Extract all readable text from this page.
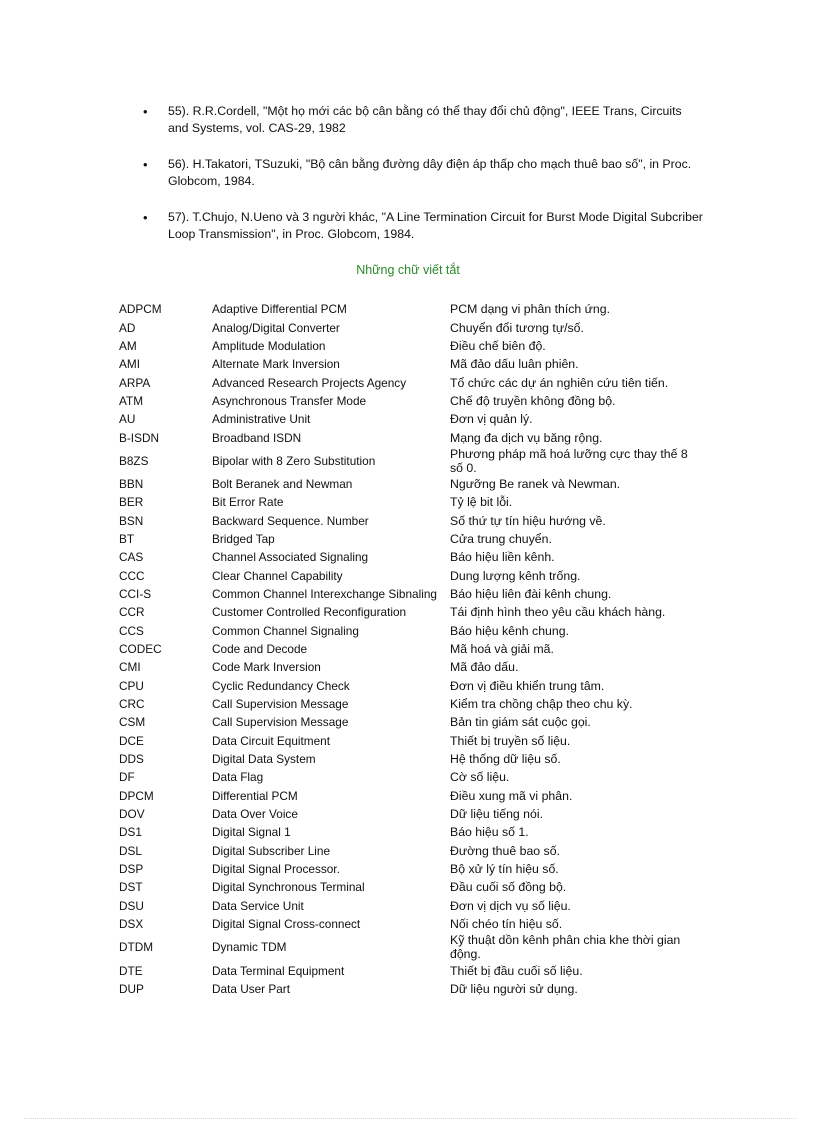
• 55). R.R.Cordell, "Một họ mới các bộ cân bằng có thể thay đổi chủ động", IEEE Trans, Circuits and Systems, vol. CAS-29, 1982
• 56). H.Takatori, TSuzuki, "Bộ cân bằng đường dây điện áp thấp cho mạch thuê bao số", in Proc. Globcom, 1984.
• 57). T.Chujo, N.Ueno và 3 người khác, "A Line Termination Circuit for Burst Mode Digital Subcriber Loop Transmission", in Proc. Globcom, 1984.
Những chữ viết tắt
ADPCM	Adaptive Differential PCM	PCM dạng vi phân thích ứng.
AD	Analog/Digital Converter	Chuyển đổi tương tự/số.
AM	Amplitude Modulation	Điều chế biên độ.
AMI	Alternate Mark Inversion	Mã đảo dấu luân phiên.
ARPA	Advanced Research Projects Agency	Tổ chức các dự án nghiên cứu tiên tiến.
ATM	Asynchronous Transfer Mode	Chế độ truyền không đồng bộ.
AU	Administrative Unit	Đơn vị quản lý.
B-ISDN	Broadband ISDN	Mạng đa dịch vụ băng rộng.
B8ZS	Bipolar with 8 Zero Substitution	Phương pháp mã hoá lưỡng cực thay thế 8 số 0.
BBN	Bolt Beranek and Newman	Ngưỡng Be ranek và Newman.
BER	Bit Error Rate	Tỷ lệ bit lỗi.
BSN	Backward Sequence. Number	Số thứ tự tín hiệu hướng về.
BT	Bridged Tap	Cửa trung chuyển.
CAS	Channel Associated Signaling	Báo hiệu liền kênh.
CCC	Clear Channel Capability	Dung lượng kênh trống.
CCI-S	Common Channel Interexchange Sibnaling	Báo hiệu liên đài kênh chung.
CCR	Customer Controlled Reconfiguration	Tái định hình theo yêu cầu khách hàng.
CCS	Common Channel Signaling	Báo hiệu kênh chung.
CODEC	Code and Decode	Mã hoá và giải mã.
CMI	Code Mark Inversion	Mã đảo dấu.
CPU	Cyclic Redundancy Check	Đơn vị điều khiển trung tâm.
CRC	Call Supervision Message	Kiểm tra chồng chập theo chu kỳ.
CSM	Call Supervision Message	Bản tin giám sát cuộc gọi.
DCE	Data Circuit Equitment	Thiết bị truyền số liệu.
DDS	Digital Data System	Hệ thống dữ liệu số.
DF	Data Flag	Cờ số liệu.
DPCM	Differential PCM	Điều xung mã vi phân.
DOV	Data Over Voice	Dữ liệu tiếng nói.
DS1	Digital Signal 1	Báo hiệu số 1.
DSL	Digital Subscriber Line	Đường thuê bao số.
DSP	Digital Signal Processor.	Bộ xử lý tín hiệu số.
DST	Digital Synchronous Terminal	Đầu cuối số đồng bộ.
DSU	Data Service Unit	Đơn vị dịch vụ số liệu.
DSX	Digital Signal Cross-connect	Nối chéo tín hiệu số.
DTDM	Dynamic TDM	Kỹ thuật dồn kênh phân chia khe thời gian động.
DTE	Data Terminal Equipment	Thiết bị đầu cuối số liệu.
DUP	Data User Part	Dữ liệu người sử dụng.
